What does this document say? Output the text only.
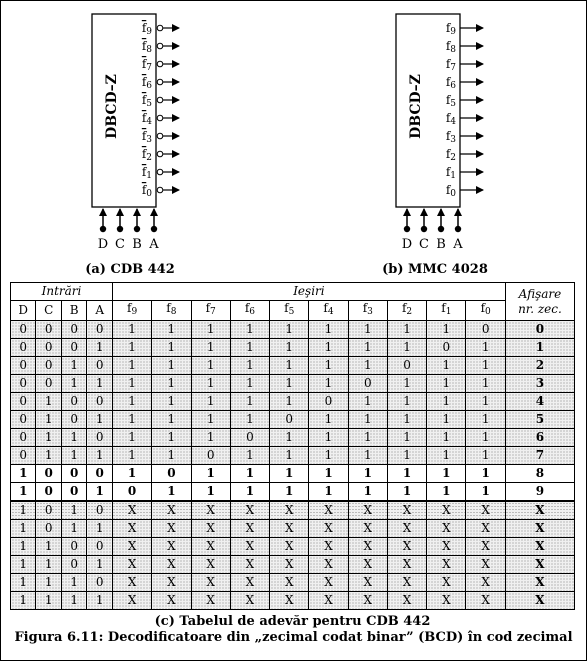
DBCD–Z
f9
f8
f7
f6
f5
f4
f3
f2
f1
f0
D C B A
DBCD–Z
f9
f8
f7
f6
f5
f4
f3
f2
f1
f0
D C B A
(a) CDB 442	(b) MMC 4028
Intrări				Ieşiri										Afişare
nr. zec.
D	C	B	A	$\overline{f}_9$	$\overline{f}_8$	$\overline{f}_7$	$\overline{f}_6$	$\overline{f}_5$	$\overline{f}_4$	$\overline{f}_3$	$\overline{f}_2$	$\overline{f}_1$	$\overline{f}_0$
0	0	0	0	1	1	1	1	1	1	1	1	1	0	0
0	0	0	1	1	1	1	1	1	1	1	1	0	1	1
0	0	1	0	1	1	1	1	1	1	1	0	1	1	2
0	0	1	1	1	1	1	1	1	1	0	1	1	1	3
0	1	0	0	1	1	1	1	1	0	1	1	1	1	4
0	1	0	1	1	1	1	1	0	1	1	1	1	1	5
0	1	1	0	1	1	1	0	1	1	1	1	1	1	6
0	1	1	1	1	1	0	1	1	1	1	1	1	1	7
1	0	0	0	1	0	1	1	1	1	1	1	1	1	8
1	0	0	1	0	1	1	1	1	1	1	1	1	1	9
1	0	1	0	X	X	X	X	X	X	X	X	X	X	X
1	0	1	1	X	X	X	X	X	X	X	X	X	X	X
1	1	0	0	X	X	X	X	X	X	X	X	X	X	X
1	1	0	1	X	X	X	X	X	X	X	X	X	X	X
1	1	1	0	X	X	X	X	X	X	X	X	X	X	X
1	1	1	1	X	X	X	X	X	X	X	X	X	X	X
(c) Tabelul de adevăr pentru CDB 442														
Figura 6.11: Decodificatoare din „zecimal codat binar” (BCD) în cod zecimal
